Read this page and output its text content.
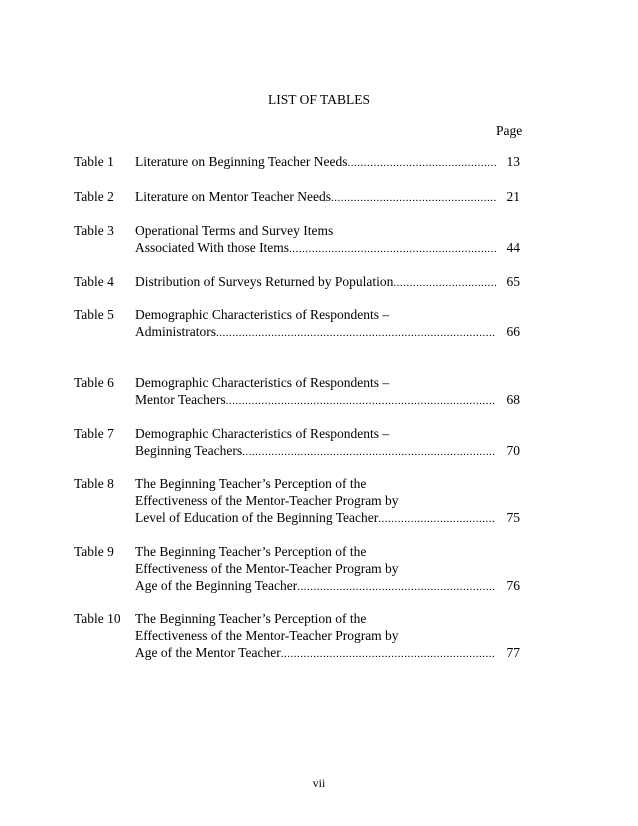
LIST OF TABLES
Page
Table 1 Literature on Beginning Teacher Needs .....	13
Table 2 Literature on Mentor Teacher Needs .....	21
Table 3 Operational Terms and Survey Items
Associated With those Items .....	44
Table 4 Distribution of Surveys Returned by Population .....	65
Table 5 Demographic Characteristics of Respondents –
Administrators .....	66
Table 6 Demographic Characteristics of Respondents –
Mentor Teachers .....	68
Table 7 Demographic Characteristics of Respondents –
Beginning Teachers .....	70
Table 8 The Beginning Teacher’s Perception of the
Effectiveness of the Mentor-Teacher Program by
Level of Education of the Beginning Teacher .....	75
Table 9 The Beginning Teacher’s Perception of the
Effectiveness of the Mentor-Teacher Program by
Age of the Beginning Teacher .....	76
Table 10 The Beginning Teacher’s Perception of the
Effectiveness of the Mentor-Teacher Program by
Age of the Mentor Teacher .....	77
vii
